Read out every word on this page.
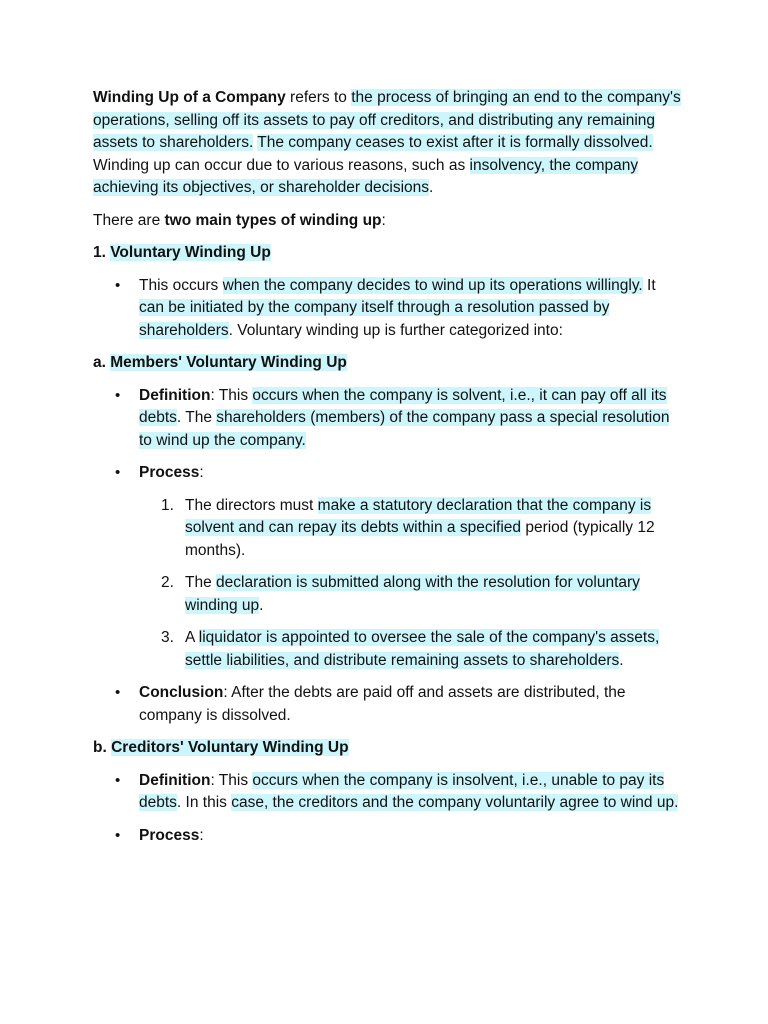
Winding Up of a Company refers to the process of bringing an end to the company's operations, selling off its assets to pay off creditors, and distributing any remaining assets to shareholders. The company ceases to exist after it is formally dissolved. Winding up can occur due to various reasons, such as insolvency, the company achieving its objectives, or shareholder decisions.

There are two main types of winding up:

1. Voluntary Winding Up

• This occurs when the company decides to wind up its operations willingly. It can be initiated by the company itself through a resolution passed by shareholders. Voluntary winding up is further categorized into:

a. Members' Voluntary Winding Up

• Definition: This occurs when the company is solvent, i.e., it can pay off all its debts. The shareholders (members) of the company pass a special resolution to wind up the company.
• Process:
1. The directors must make a statutory declaration that the company is solvent and can repay its debts within a specified period (typically 12 months).
2. The declaration is submitted along with the resolution for voluntary winding up.
3. A liquidator is appointed to oversee the sale of the company's assets, settle liabilities, and distribute remaining assets to shareholders.
• Conclusion: After the debts are paid off and assets are distributed, the company is dissolved.

b. Creditors' Voluntary Winding Up

• Definition: This occurs when the company is insolvent, i.e., unable to pay its debts. In this case, the creditors and the company voluntarily agree to wind up.
• Process:
